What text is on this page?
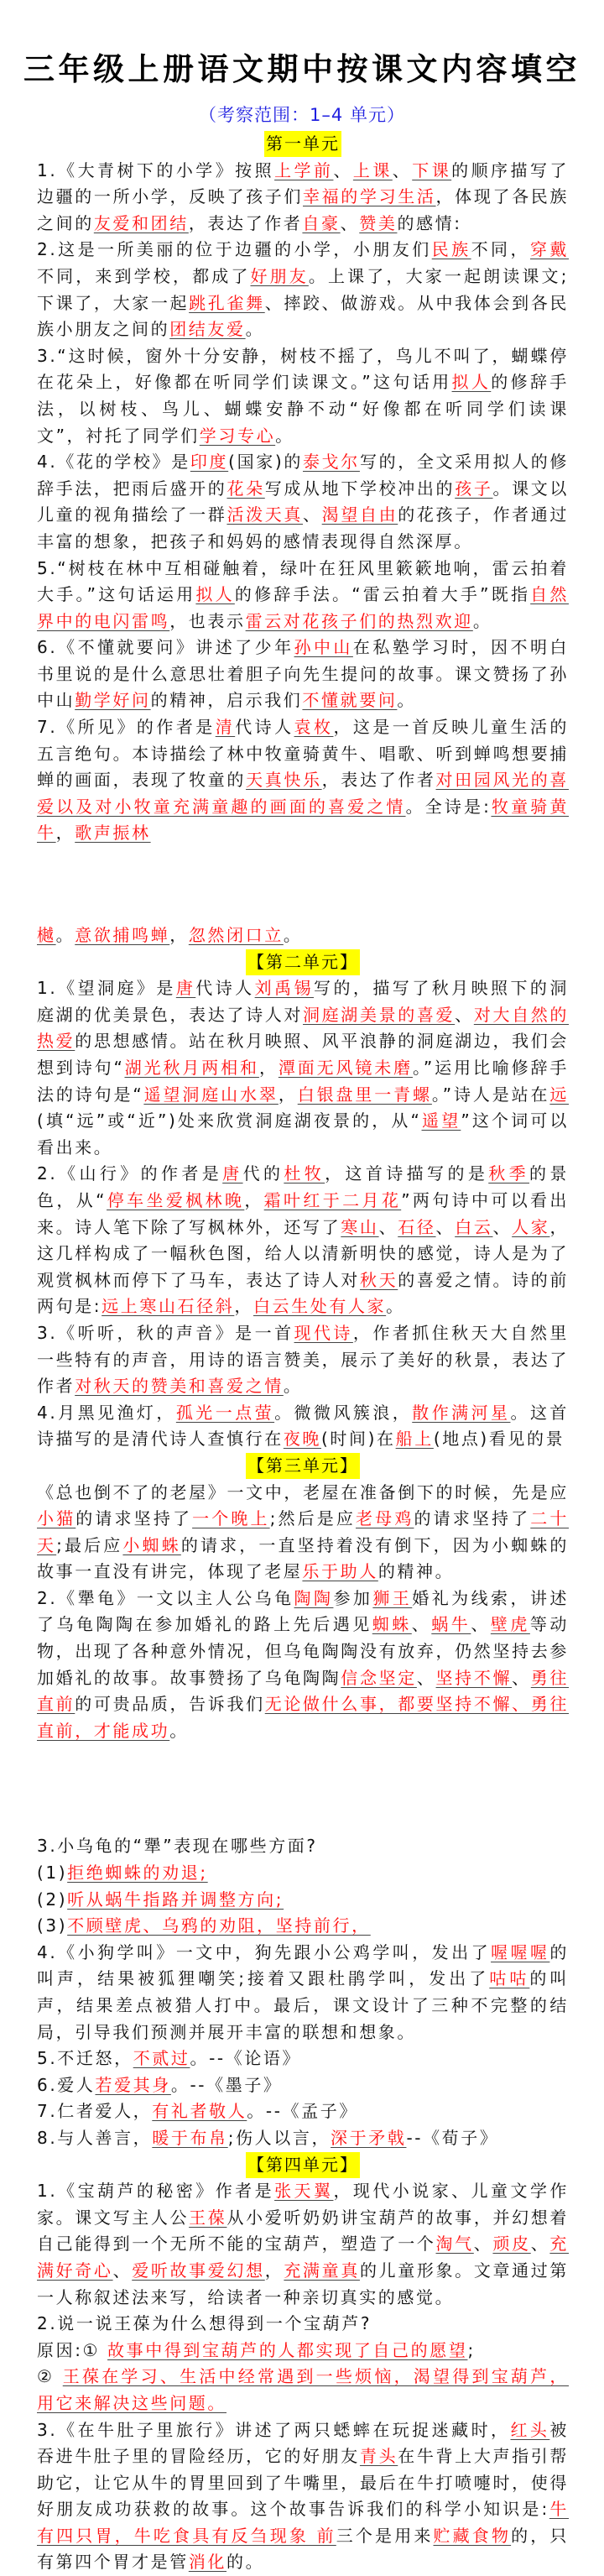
三年级上册语文期中按课文内容填空
（考察范围：1–4 单元）
第一单元

1.《大青树下的小学》按照上学前、上课、下课的顺序描写了边疆的一所小学，反映了孩子们幸福的学习生活，体现了各民族之间的友爱和团结，表达了作者自豪、赞美的感情:

2.这是一所美丽的位于边疆的小学，小朋友们民族不同，穿戴不同，来到学校，都成了好朋友。上课了，大家一起朗读课文;下课了，大家一起跳孔雀舞、摔跤、做游戏。从中我体会到各民族小朋友之间的团结友爱。

3.“这时候，窗外十分安静，树枝不摇了，鸟儿不叫了，蝴蝶停在花朵上，好像都在听同学们读课文。”这句话用拟人的修辞手法，以树枝、鸟儿、蝴蝶安静不动“好像都在听同学们读课文”，衬托了同学们学习专心。

4.《花的学校》是印度(国家)的泰戈尔写的，全文采用拟人的修辞手法，把雨后盛开的花朵写成从地下学校冲出的孩子。课文以儿童的视角描绘了一群活泼天真、渴望自由的花孩子，作者通过丰富的想象，把孩子和妈妈的感情表现得自然深厚。

5.“树枝在林中互相碰触着，绿叶在狂风里簌簌地响，雷云拍着大手。”这句话运用拟人的修辞手法。“雷云拍着大手”既指自然界中的电闪雷鸣，也表示雷云对花孩子们的热烈欢迎。

6.《不懂就要问》讲述了少年孙中山在私塾学习时，因不明白书里说的是什么意思壮着胆子向先生提问的故事。课文赞扬了孙中山勤学好问的精神，启示我们不懂就要问。

7.《所见》的作者是清代诗人袁枚，这是一首反映儿童生活的五言绝句。本诗描绘了林中牧童骑黄牛、唱歌、听到蝉鸣想要捕蝉的画面，表现了牧童的天真快乐，表达了作者对田园风光的喜爱以及对小牧童充满童趣的画面的喜爱之情。全诗是:牧童骑黄牛，歌声振林

樾。意欲捕鸣蝉，忽然闭口立。

【第二单元】

1.《望洞庭》是唐代诗人刘禹锡写的，描写了秋月映照下的洞庭湖的优美景色，表达了诗人对洞庭湖美景的喜爱、对大自然的热爱的思想感情。站在秋月映照、风平浪静的洞庭湖边，我们会想到诗句“湖光秋月两相和，潭面无风镜未磨。”运用比喻修辞手法的诗句是“遥望洞庭山水翠，白银盘里一青螺。”诗人是站在远(填“远”或“近”)处来欣赏洞庭湖夜景的，从“遥望”这个词可以看出来。

2.《山行》的作者是唐代的杜牧，这首诗描写的是秋季的景色，从“停车坐爱枫林晚，霜叶红于二月花”两句诗中可以看出来。诗人笔下除了写枫林外，还写了寒山、石径、白云、人家，这几样构成了一幅秋色图，给人以清新明快的感觉，诗人是为了观赏枫林而停下了马车，表达了诗人对秋天的喜爱之情。诗的前两句是:远上寒山石径斜，白云生处有人家。

3.《听听，秋的声音》是一首现代诗，作者抓住秋天大自然里一些特有的声音，用诗的语言赞美，展示了美好的秋景，表达了作者对秋天的赞美和喜爱之情。

4.月黑见渔灯，孤光一点萤。微微风簇浪，散作满河星。这首诗描写的是清代诗人查慎行在夜晚(时间)在船上(地点)看见的景

【第三单元】

《总也倒不了的老屋》一文中，老屋在准备倒下的时候，先是应小猫的请求坚持了一个晚上;然后是应老母鸡的请求坚持了二十天;最后应小蜘蛛的请求，一直坚持着没有倒下，因为小蜘蛛的故事一直没有讲完，体现了老屋乐于助人的精神。

2.《犟龟》一文以主人公乌龟陶陶参加狮王婚礼为线索，讲述了乌龟陶陶在参加婚礼的路上先后遇见蜘蛛、蜗牛、壁虎等动物，出现了各种意外情况，但乌龟陶陶没有放弃，仍然坚持去参加婚礼的故事。故事赞扬了乌龟陶陶信念坚定、坚持不懈、勇往直前的可贵品质，告诉我们无论做什么事，都要坚持不懈、勇往直前，才能成功。

3.小乌龟的“犟”表现在哪些方面?

(1)拒绝蜘蛛的劝退;

(2)听从蜗牛指路并调整方向;

(3)不顾壁虎、乌鸦的劝阻，坚持前行，

4.《小狗学叫》一文中，狗先跟小公鸡学叫，发出了喔喔喔的叫声，结果被狐狸嘲笑;接着又跟杜鹃学叫，发出了咕咕的叫声，结果差点被猎人打中。最后，课文设计了三种不完整的结局，引导我们预测并展开丰富的联想和想象。

5.不迁怒，不贰过。--《论语》

6.爱人若爱其身。--《墨子》

7.仁者爱人，有礼者敬人。--《孟子》

8.与人善言，暖于布帛;伤人以言，深于矛戟--《荀子》

【第四单元】

1.《宝葫芦的秘密》作者是张天翼，现代小说家、儿童文学作家。课文写主人公王葆从小爱听奶奶讲宝葫芦的故事，并幻想着自己能得到一个无所不能的宝葫芦，塑造了一个淘气、顽皮、充满好奇心、爱听故事爱幻想，充满童真的儿童形象。文章通过第一人称叙述法来写，给读者一种亲切真实的感觉。

2.说一说王葆为什么想得到一个宝葫芦?

原因:① 故事中得到宝葫芦的人都实现了自己的愿望;

② 王葆在学习、生活中经常遇到一些烦恼，渴望得到宝葫芦，用它来解决这些问题。

3.《在牛肚子里旅行》讲述了两只蟋蟀在玩捉迷藏时，红头被吞进牛肚子里的冒险经历，它的好朋友青头在牛背上大声指引帮助它，让它从牛的胃里回到了牛嘴里，最后在牛打喷嚏时，使得好朋友成功获救的故事。这个故事告诉我们的科学小知识是:牛有四只胃，牛吃食具有反刍现象 前三个是用来贮藏食物的，只有第四个胃才是管消化的。
